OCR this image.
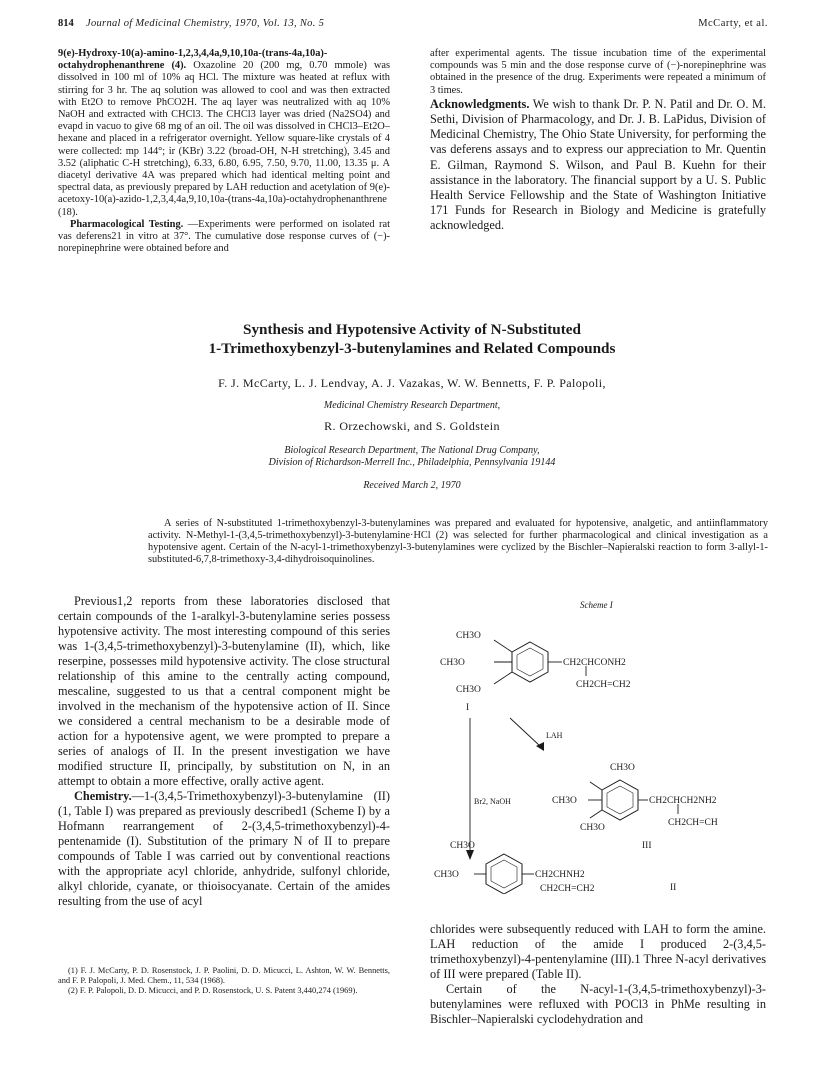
814 Journal of Medicinal Chemistry, 1970, Vol. 13, No. 5	McCarty, et al.

9(e)-Hydroxy-10(a)-amino-1,2,3,4,4a,9,10,10a-(trans-4a,10a)-octahydrophenanthrene (4). Oxazoline 20 (200 mg, 0.70 mmole) was dissolved in 100 ml of 10% aq HCl. The mixture was heated at reflux with stirring for 3 hr. The aq solution was allowed to cool and was then extracted with Et2O to remove PhCO2H. The aq layer was neutralized with aq 10% NaOH and extracted with CHCl3. The CHCl3 layer was dried (Na2SO4) and evapd in vacuo to give 68 mg of an oil. The oil was dissolved in CHCl3–Et2O–hexane and placed in a refrigerator overnight. Yellow square-like crystals of 4 were collected: mp 144°; ir (KBr) 3.22 (broad-OH, N-H stretching), 3.45 and 3.52 (aliphatic C-H stretching), 6.33, 6.80, 6.95, 7.50, 9.70, 11.00, 13.35 μ. A diacetyl derivative 4A was prepared which had identical melting point and spectral data, as previously prepared by LAH reduction and acetylation of 9(e)-acetoxy-10(a)-azido-1,2,3,4,4a,9,10,10a-(trans-4a,10a)-octahydrophenanthrene (18).

Pharmacological Testing. —Experiments were performed on isolated rat vas deferens21 in vitro at 37°. The cumulative dose response curves of (−)-norepinephrine were obtained before and

after experimental agents. The tissue incubation time of the experimental compounds was 5 min and the dose response curve of (−)-norepinephrine was obtained in the presence of the drug. Experiments were repeated a minimum of 3 times.

Acknowledgments. We wish to thank Dr. P. N. Patil and Dr. O. M. Sethi, Division of Pharmacology, and Dr. J. B. LaPidus, Division of Medicinal Chemistry, The Ohio State University, for performing the vas deferens assays and to express our appreciation to Mr. Quentin E. Gilman, Raymond S. Wilson, and Paul B. Kuehn for their assistance in the laboratory. The financial support by a U. S. Public Health Service Fellowship and the State of Washington Initiative 171 Funds for Research in Biology and Medicine is gratefully acknowledged.

Synthesis and Hypotensive Activity of N-Substituted
1-Trimethoxybenzyl-3-butenylamines and Related Compounds
F. J. McCarty, L. J. Lendvay, A. J. Vazakas, W. W. Bennetts, F. P. Palopoli,
Medicinal Chemistry Research Department,
R. Orzechowski, and S. Goldstein
Biological Research Department, The National Drug Company,
Division of Richardson-Merrell Inc., Philadelphia, Pennsylvania 19144
Received March 2, 1970
A series of N-substituted 1-trimethoxybenzyl-3-butenylamines was prepared and evaluated for hypotensive, analgetic, and antiinflammatory activity. N-Methyl-1-(3,4,5-trimethoxybenzyl)-3-butenylamine·HCl (2) was selected for further pharmacological and clinical investigation as a hypotensive agent. Certain of the N-acyl-1-trimethoxybenzyl-3-butenylamines were cyclized by the Bischler–Napieralski reaction to form 3-allyl-1-substituted-6,7,8-trimethoxy-3,4-dihydroisoquinolines.

Previous1,2 reports from these laboratories disclosed that certain compounds of the 1-aralkyl-3-butenylamine series possess hypotensive activity. The most interesting compound of this series was 1-(3,4,5-trimethoxybenzyl)-3-butenylamine (II), which, like reserpine, possesses mild hypotensive activity. The close structural relationship of this amine to the centrally acting compound, mescaline, suggested to us that a central component might be involved in the mechanism of the hypotensive action of II. Since we considered a central mechanism to be a desirable mode of action for a hypotensive agent, we were prompted to prepare a series of analogs of II. In the present investigation we have modified structure II, principally, by substitution on N, in an attempt to obtain a more effective, orally active agent.

Chemistry.—1-(3,4,5-Trimethoxybenzyl)-3-butenylamine (II) (1, Table I) was prepared as previously described1 (Scheme I) by a Hofmann rearrangement of 2-(3,4,5-trimethoxybenzyl)-4-pentenamide (I). Substitution of the primary N of II to prepare compounds of Table I was carried out by conventional reactions with the appropriate acyl chloride, anhydride, sulfonyl chloride, alkyl chloride, cyanate, or thioisocyanate. Certain of the amides resulting from the use of acyl

(1) F. J. McCarty, P. D. Rosenstock, J. P. Paolini, D. D. Micucci, L. Ashton, W. W. Bennetts, and F. P. Palopoli, J. Med. Chem., 11, 534 (1968).

(2) F. P. Palopoli, D. D. Micucci, and P. D. Rosenstock, U. S. Patent 3,440,274 (1969).

Scheme I
CH3O
CH3O
CH3O
CH2CHCONH2
CH2CH=CH2
I
Br2, NaOH
LAH
CH3O
CH3O
CH3O
CH2CHCH2NH2
CH2CH=CH
III
CH3O
CH3O	CH2CHNH2
CH2CH=CH2	II

chlorides were subsequently reduced with LAH to form the amine. LAH reduction of the amide I produced 2-(3,4,5-trimethoxybenzyl)-4-pentenylamine (III).1 Three N-acyl derivatives of III were prepared (Table II).

Certain of the N-acyl-1-(3,4,5-trimethoxybenzyl)-3-butenylamines were refluxed with POCl3 in PhMe resulting in Bischler–Napieralski cyclodehydration and
